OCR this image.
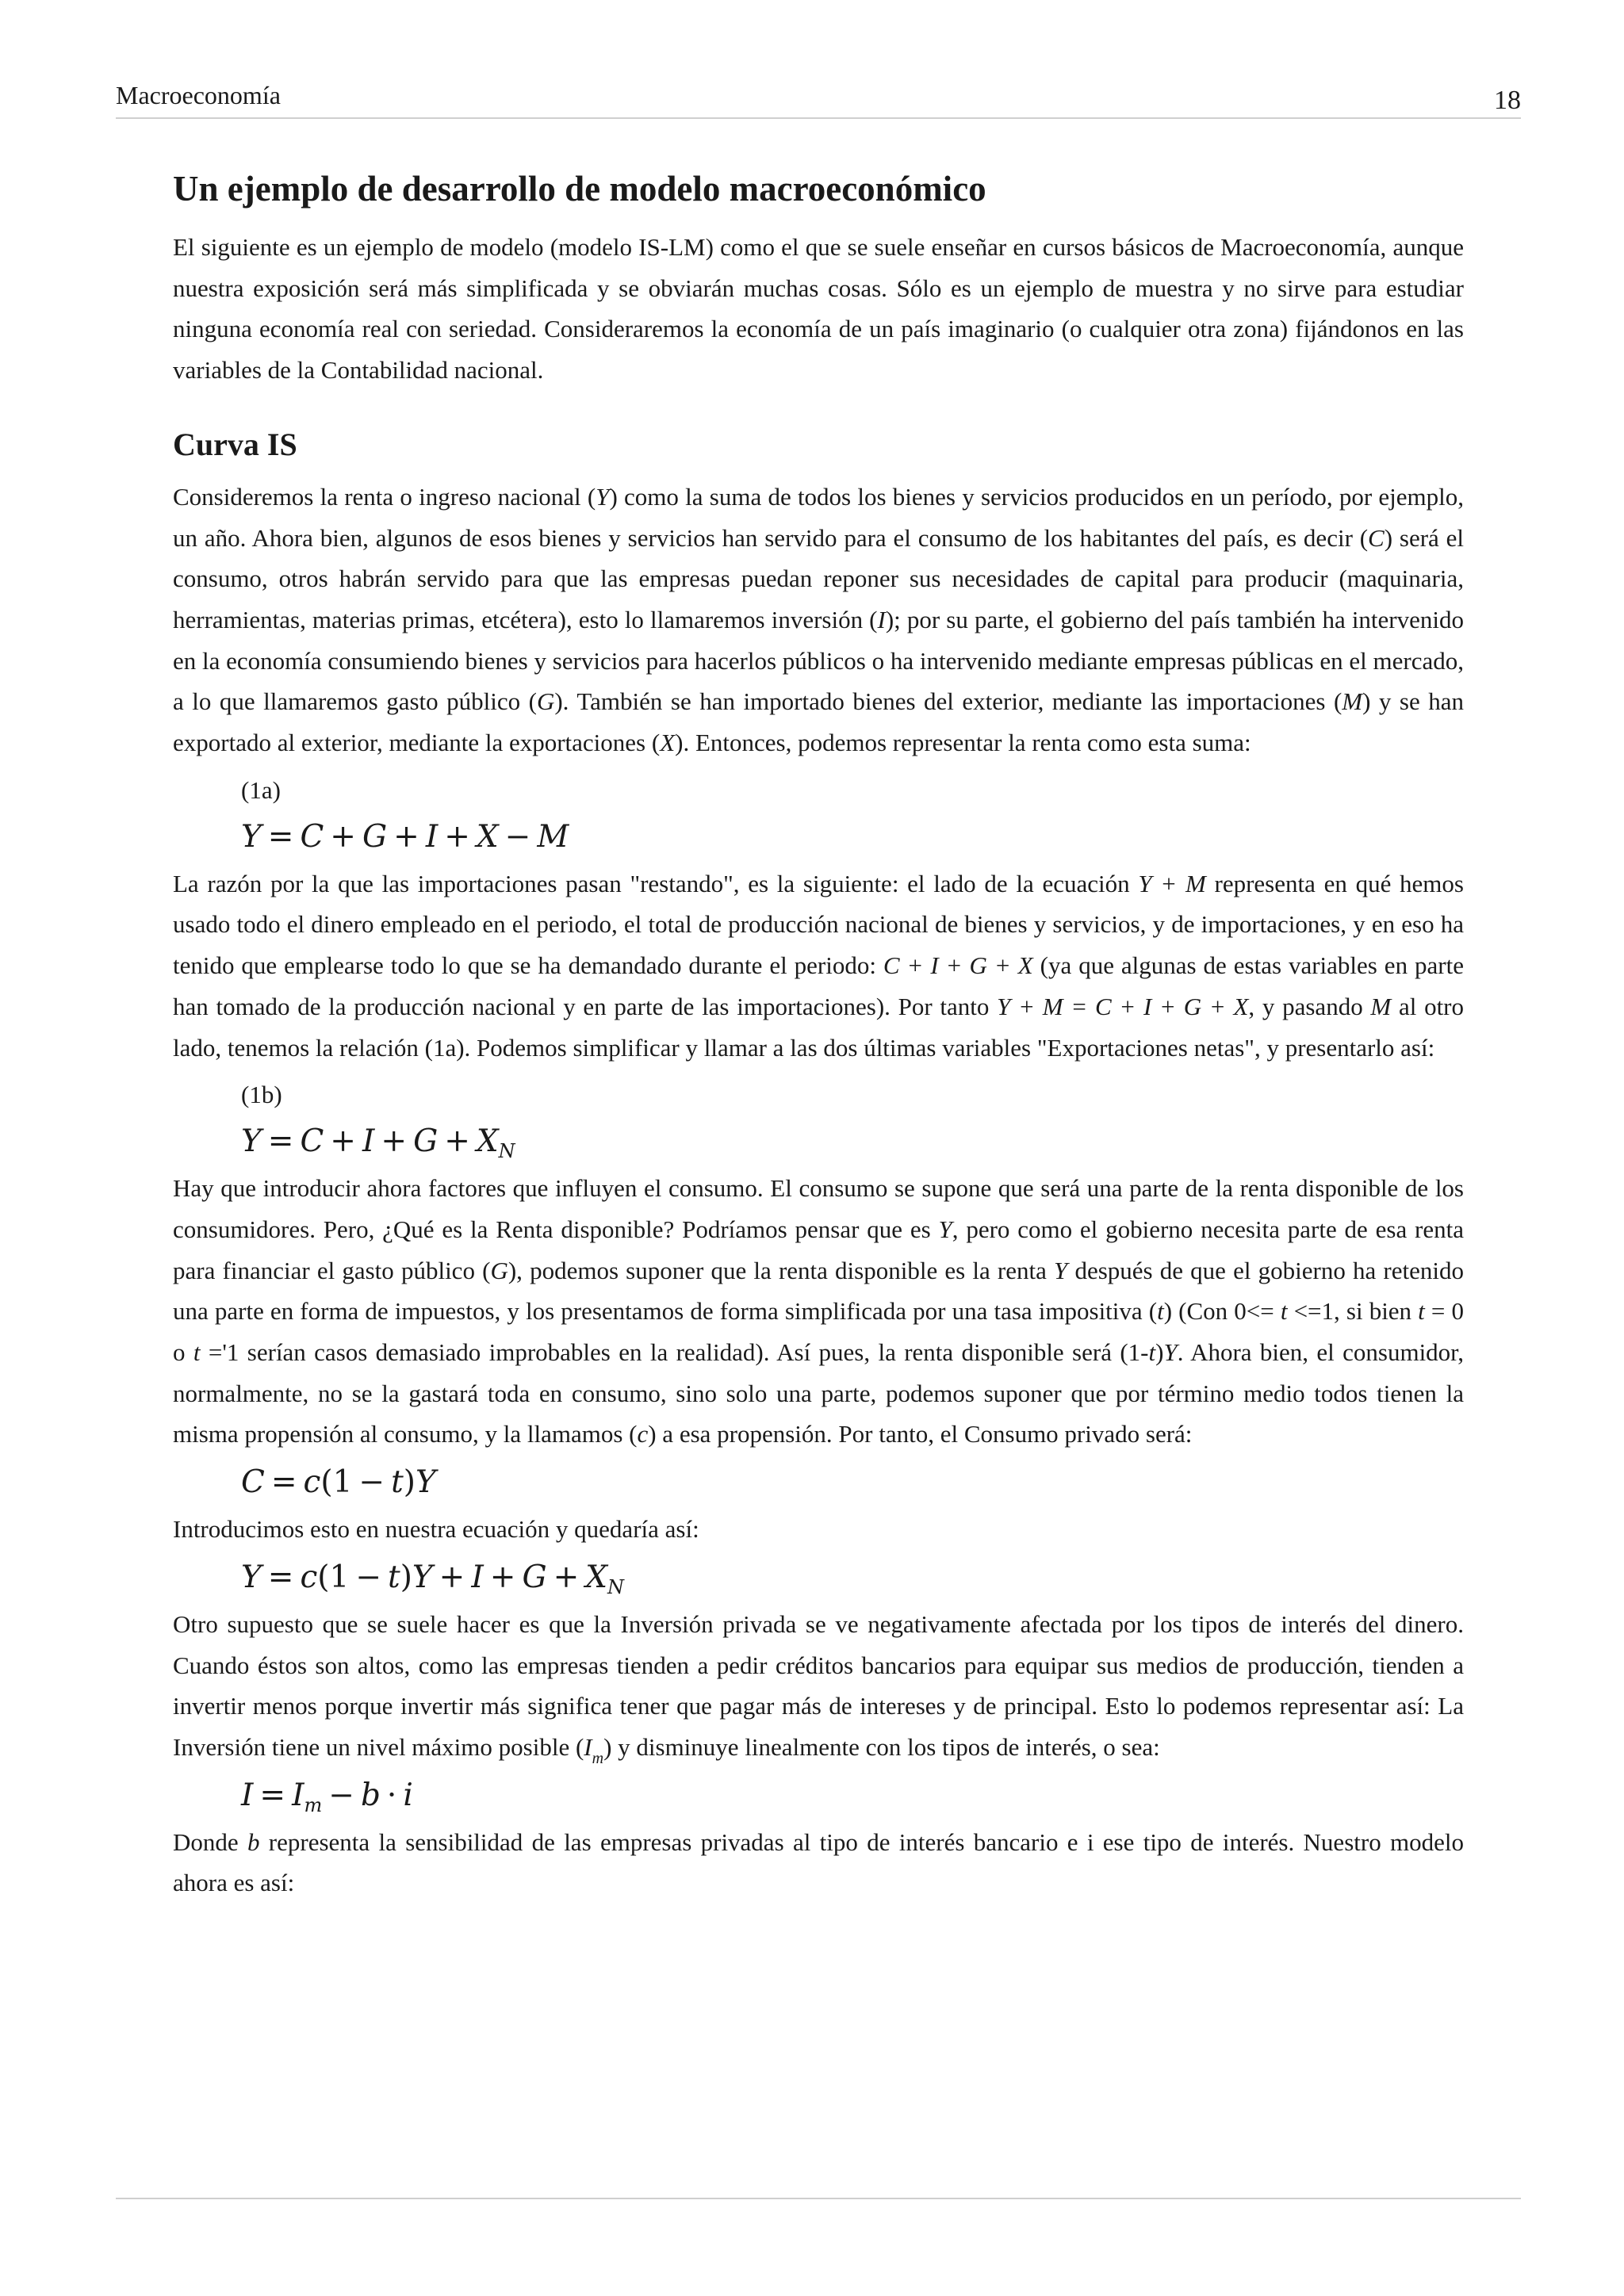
Macroeconomía	18
Un ejemplo de desarrollo de modelo macroeconómico

El siguiente es un ejemplo de modelo (modelo IS-LM) como el que se suele enseñar en cursos básicos de Macroeconomía, aunque nuestra exposición será más simplificada y se obviarán muchas cosas. Sólo es un ejemplo de muestra y no sirve para estudiar ninguna economía real con seriedad. Consideraremos la economía de un país imaginario (o cualquier otra zona) fijándonos en las variables de la Contabilidad nacional.

Curva IS

Consideremos la renta o ingreso nacional (Y) como la suma de todos los bienes y servicios producidos en un período, por ejemplo, un año. Ahora bien, algunos de esos bienes y servicios han servido para el consumo de los habitantes del país, es decir (C) será el consumo, otros habrán servido para que las empresas puedan reponer sus necesidades de capital para producir (maquinaria, herramientas, materias primas, etcétera), esto lo llamaremos inversión (I); por su parte, el gobierno del país también ha intervenido en la economía consumiendo bienes y servicios para hacerlos públicos o ha intervenido mediante empresas públicas en el mercado, a lo que llamaremos gasto público (G). También se han importado bienes del exterior, mediante las importaciones (M) y se han exportado al exterior, mediante la exportaciones (X). Entonces, podemos representar la renta como esta suma:

(1a)
Y = C + G + I + X − M

La razón por la que las importaciones pasan "restando", es la siguiente: el lado de la ecuación Y + M representa en qué hemos usado todo el dinero empleado en el periodo, el total de producción nacional de bienes y servicios, y de importaciones, y en eso ha tenido que emplearse todo lo que se ha demandado durante el periodo: C + I + G + X (ya que algunas de estas variables en parte han tomado de la producción nacional y en parte de las importaciones). Por tanto Y + M = C + I + G + X, y pasando M al otro lado, tenemos la relación (1a). Podemos simplificar y llamar a las dos últimas variables "Exportaciones netas", y presentarlo así:

(1b)
$Y = C + I + G + X_N$

Hay que introducir ahora factores que influyen el consumo. El consumo se supone que será una parte de la renta disponible de los consumidores. Pero, ¿Qué es la Renta disponible? Podríamos pensar que es Y, pero como el gobierno necesita parte de esa renta para financiar el gasto público (G), podemos suponer que la renta disponible es la renta Y después de que el gobierno ha retenido una parte en forma de impuestos, y los presentamos de forma simplificada por una tasa impositiva (t) (Con 0<= t <=1, si bien t = 0 o t ='1 serían casos demasiado improbables en la realidad). Así pues, la renta disponible será (1-t)Y. Ahora bien, el consumidor, normalmente, no se la gastará toda en consumo, sino solo una parte, podemos suponer que por término medio todos tienen la misma propensión al consumo, y la llamamos (c) a esa propensión. Por tanto, el Consumo privado será:

C = c(1 − t)Y

Introducimos esto en nuestra ecuación y quedaría así:

$Y = c(1 - t)Y + I + G + X_N$

Otro supuesto que se suele hacer es que la Inversión privada se ve negativamente afectada por los tipos de interés del dinero. Cuando éstos son altos, como las empresas tienden a pedir créditos bancarios para equipar sus medios de producción, tienden a invertir menos porque invertir más significa tener que pagar más de intereses y de principal. Esto lo podemos representar así: La Inversión tiene un nivel máximo posible $(I_m)$ y disminuye linealmente con los tipos de interés, o sea:

$I = I_m - b \cdot i$

Donde b representa la sensibilidad de las empresas privadas al tipo de interés bancario e i ese tipo de interés. Nuestro modelo ahora es así:
